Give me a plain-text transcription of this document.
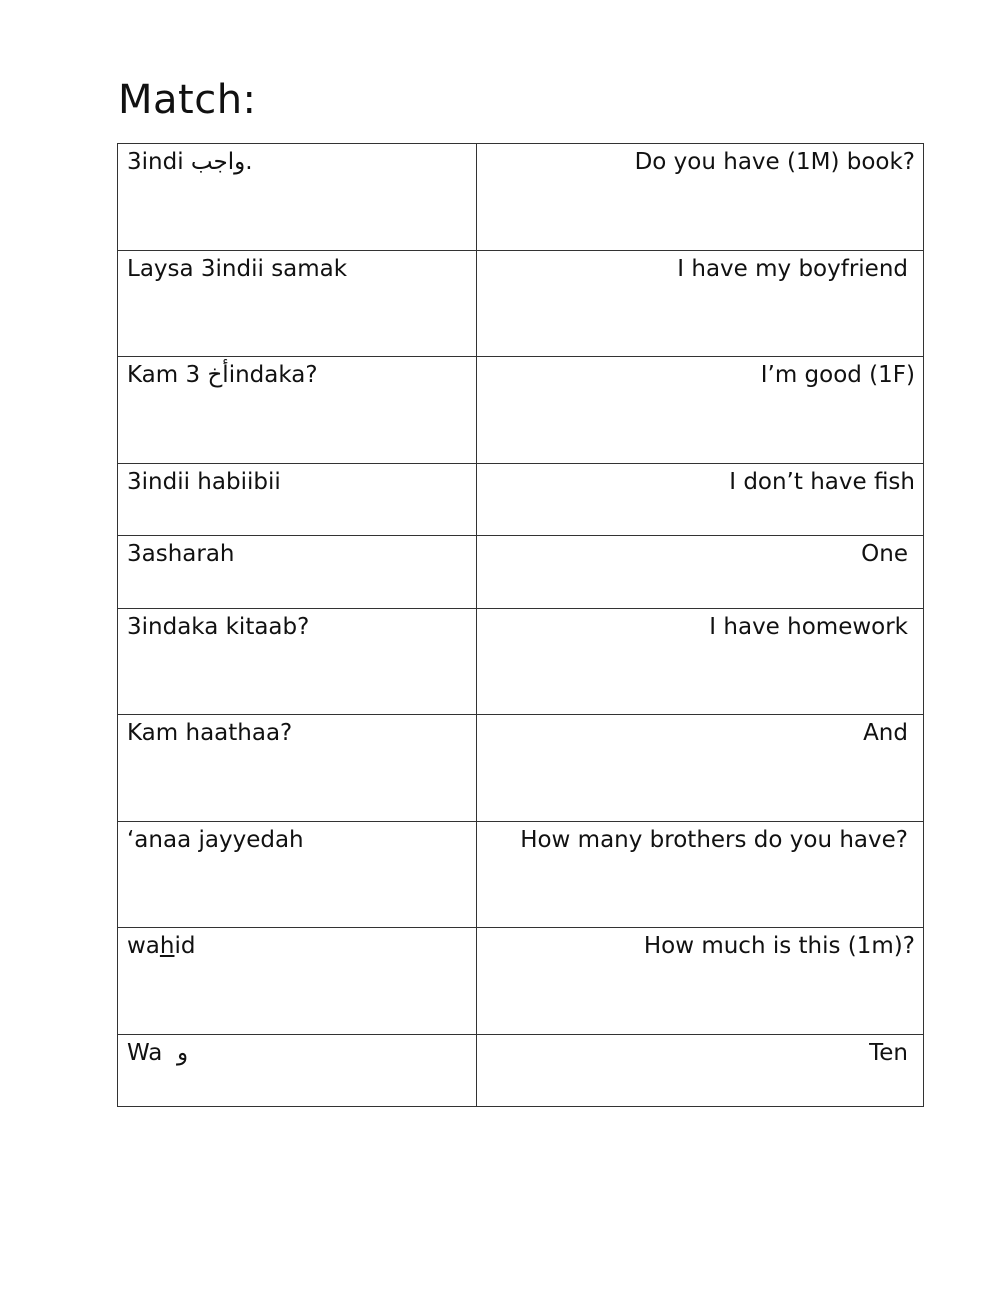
Match:
3indi واجب.	Do you have (1M) book?
Laysa 3indii samak	I have my boyfriend
Kam أخ 3indaka?	I’m good (1F)
3indii habiibii	I don’t have fish
3asharah	One
3indaka kitaab?	I have homework
Kam haathaa?	And
‘anaa jayyedah	How many brothers do you have?
wahid	How much is this (1m)?
Wa  و	Ten
